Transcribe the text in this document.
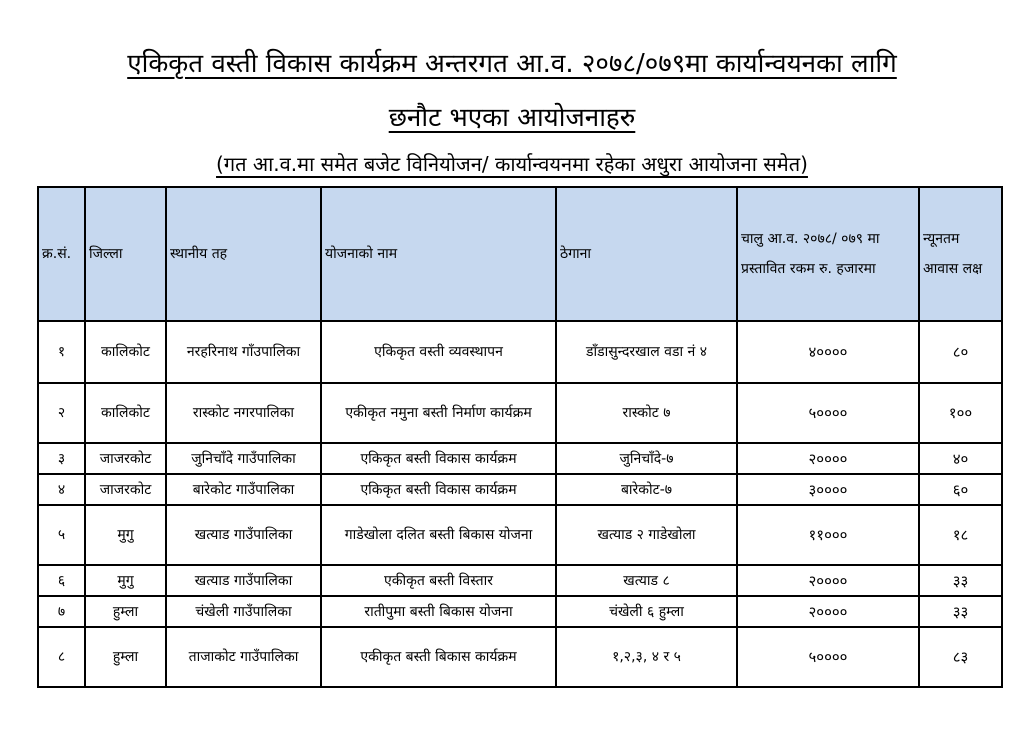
एकिकृत वस्ती विकास कार्यक्रम अन्तरगत आ.व. २०७८/०७९मा कार्यान्वयनका लागि
छनौट भएका आयोजनाहरु
(गत आ.व.मा समेत बजेट विनियोजन/ कार्यान्वयनमा रहेका अधुरा आयोजना समेत)
क्र.सं.	जिल्ला	स्थानीय तह	योजनाको नाम	ठेगाना	चालु आ.व. २०७८/ ०७९ मा प्रस्तावित रकम रु. हजारमा	न्यूनतम आवास लक्ष
१	कालिकोट	नरहरिनाथ गाँउपालिका	एकिकृत वस्ती व्यवस्थापन	डाँडासुन्दरखाल वडा नं ४	४००००	८०
२	कालिकोट	रास्कोट नगरपालिका	एकीकृत नमुना बस्ती निर्माण कार्यक्रम	रास्कोट ७	५००००	१००
३	जाजरकोट	जुनिचाँदे गाउँपालिका	एकिकृत बस्ती विकास कार्यक्रम	जुनिचाँदे-७	२००००	४०
४	जाजरकोट	बारेकोट गाउँपालिका	एकिकृत बस्ती विकास कार्यक्रम	बारेकोट-७	३००००	६०
५	मुगु	खत्याड गाउँपालिका	गाडेखोला दलित बस्ती बिकास योजना	खत्याड २ गाडेखोला	११०००	१८
६	मुगु	खत्याड गाउँपालिका	एकीकृत बस्ती विस्तार	खत्याड ८	२००००	३३
७	हुम्ला	चंखेली गाउँपालिका	रातीपुमा बस्ती बिकास योजना	चंखेली ६ हुम्ला	२००००	३३
८	हुम्ला	ताजाकोट गाउँपालिका	एकीकृत बस्ती बिकास कार्यक्रम	१,२,३, ४ र ५	५००००	८३
